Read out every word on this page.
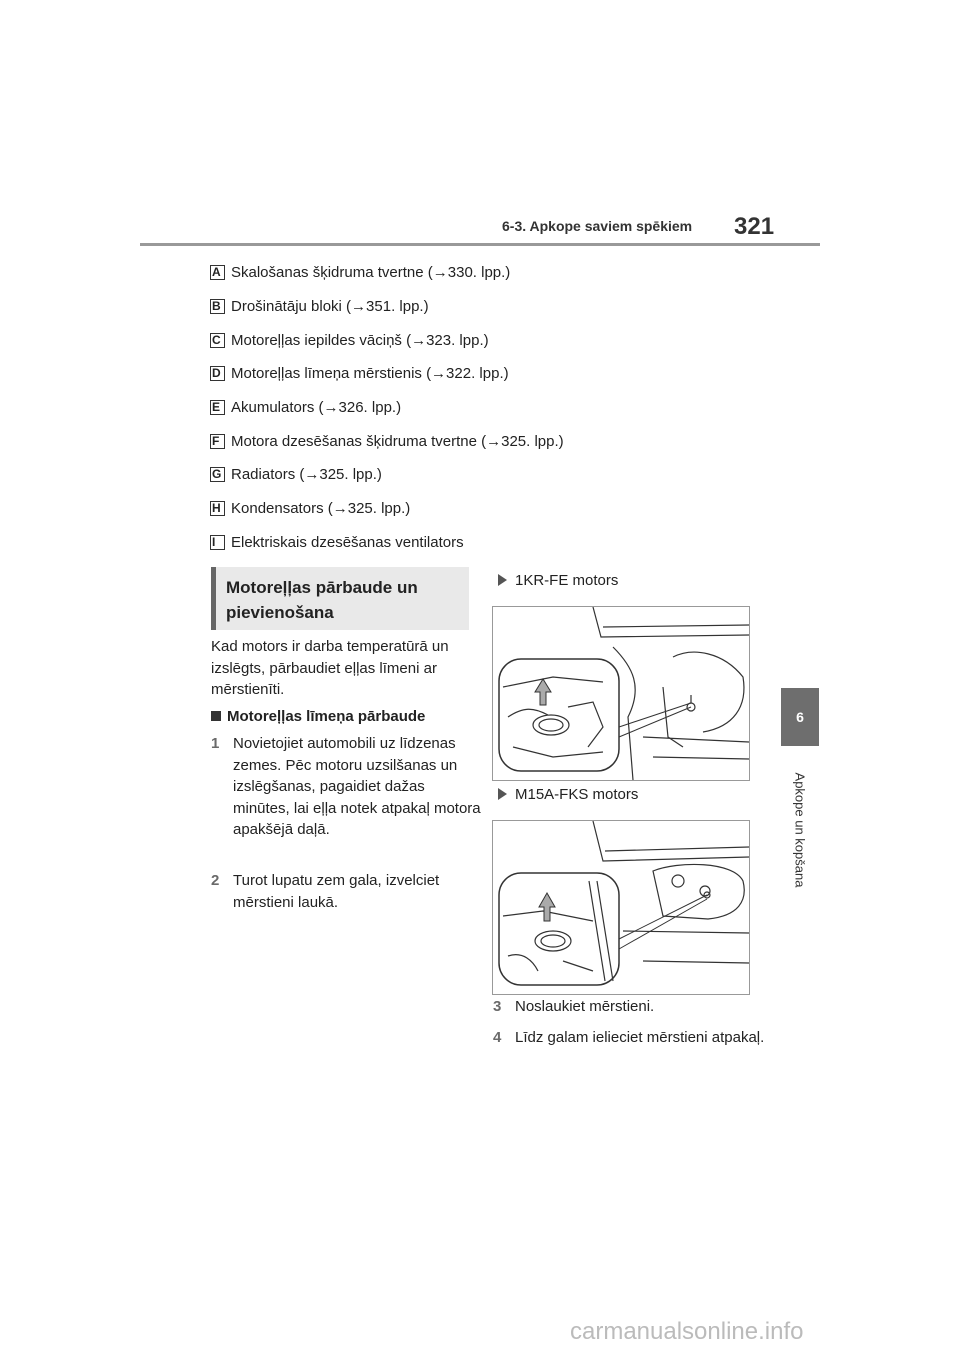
6-3. Apkope saviem spēkiem 321
6
Apkope un kopšana
A Skalošanas šķidruma tvertne (→330. lpp.)
B Drošinātāju bloki (→351. lpp.)
C Motoreļļas iepildes vāciņš (→323. lpp.)
D Motoreļļas līmeņa mērstienis (→322. lpp.)
E Akumulators (→326. lpp.)
F Motora dzesēšanas šķidruma tvertne (→325. lpp.)
G Radiators (→325. lpp.)
H Kondensators (→325. lpp.)
I	Elektriskais dzesēšanas ventilators
Motoreļļas pārbaude un pievienošana
Kad motors ir darba temperatūrā un izslēgts, pārbaudiet eļļas līmeni ar mērstienīti.
Motoreļļas līmeņa pārbaude
1 Novietojiet automobili uz līdzenas zemes. Pēc motoru uzsilšanas un izslēgšanas, pagaidiet dažas minūtes, lai eļļa notek atpakaļ motora apakšējā daļā.
2 Turot lupatu zem gala, izvelciet mērstieni laukā.
1KR-FE motors
M15A-FKS motors
3 Noslaukiet mērstieni.
4 Līdz galam ielieciet mērstieni atpakaļ.
carmanualsonline.info
